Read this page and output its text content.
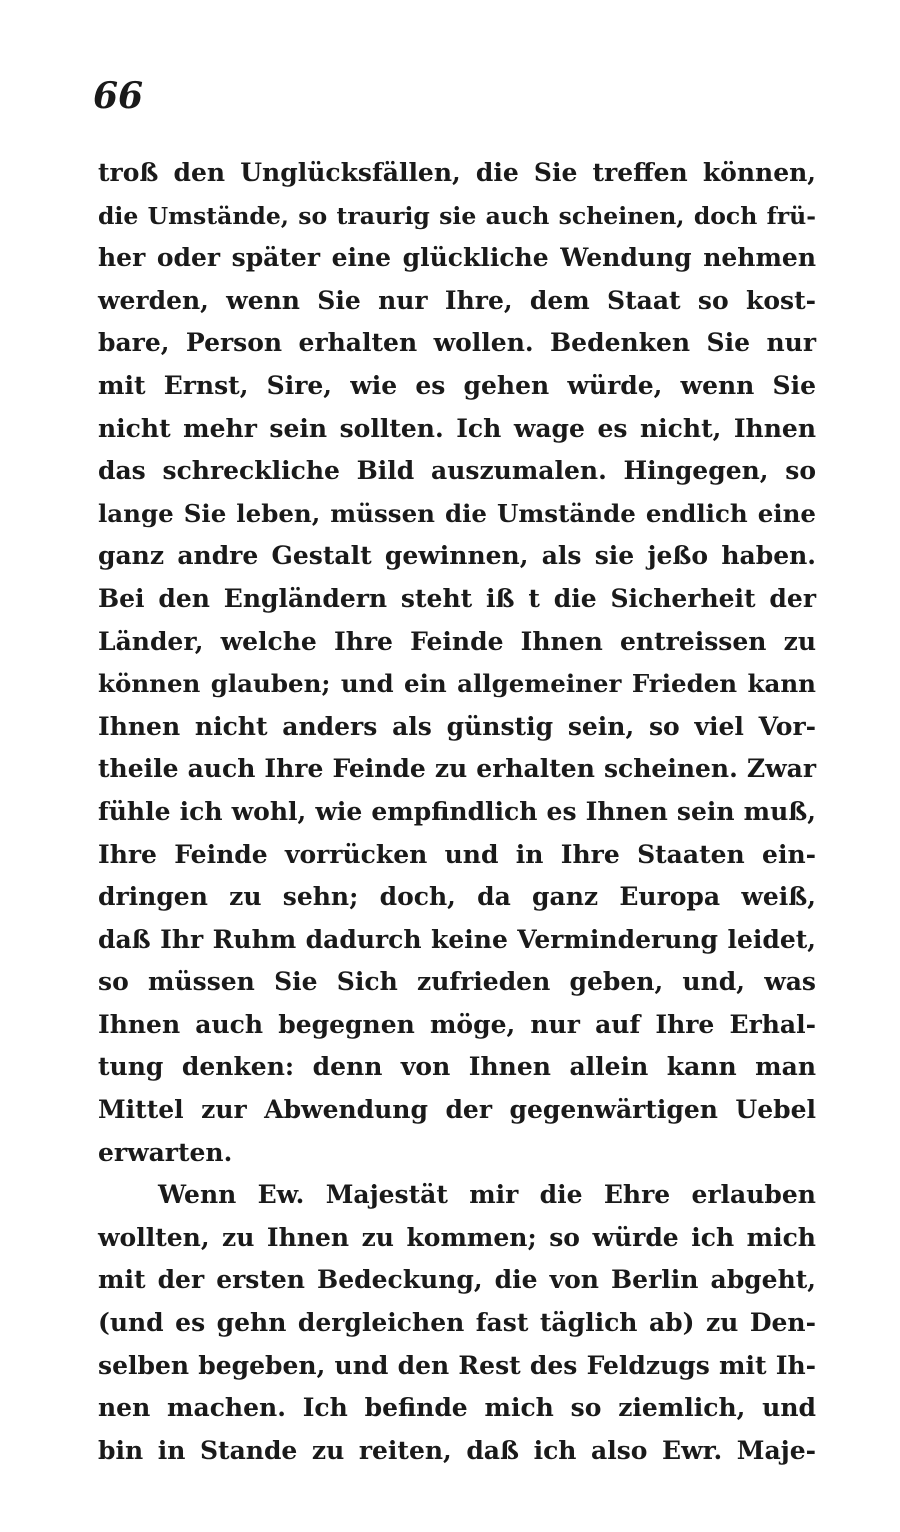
66
troß den Unglücksfällen, die Sie treffen können,
die Umstände, so traurig sie auch scheinen, doch frü-
her oder später eine glückliche Wendung nehmen
werden, wenn Sie nur Ihre, dem Staat so kost-
bare, Person erhalten wollen. Bedenken Sie nur
mit Ernst, Sire, wie es gehen würde, wenn Sie
nicht mehr sein sollten. Ich wage es nicht, Ihnen
das schreckliche Bild auszumalen. Hingegen, so
lange Sie leben, müssen die Umstände endlich eine
ganz andre Gestalt gewinnen, als sie jeßo haben.
Bei den Engländern steht iß t die Sicherheit der
Länder, welche Ihre Feinde Ihnen entreissen zu
können glauben; und ein allgemeiner Frieden kann
Ihnen nicht anders als günstig sein, so viel Vor-
theile auch Ihre Feinde zu erhalten scheinen. Zwar
fühle ich wohl, wie empfindlich es Ihnen sein muß,
Ihre Feinde vorrücken und in Ihre Staaten ein-
dringen zu sehn; doch, da ganz Europa weiß,
daß Ihr Ruhm dadurch keine Verminderung leidet,
so müssen Sie Sich zufrieden geben, und, was
Ihnen auch begegnen möge, nur auf Ihre Erhal-
tung denken: denn von Ihnen allein kann man
Mittel zur Abwendung der gegenwärtigen Uebel
erwarten.
Wenn Ew. Majestät mir die Ehre erlauben
wollten, zu Ihnen zu kommen; so würde ich mich
mit der ersten Bedeckung, die von Berlin abgeht,
(und es gehn dergleichen fast täglich ab) zu Den-
selben begeben, und den Rest des Feldzugs mit Ih-
nen machen. Ich befinde mich so ziemlich, und
bin in Stande zu reiten, daß ich also Ewr. Maje-
